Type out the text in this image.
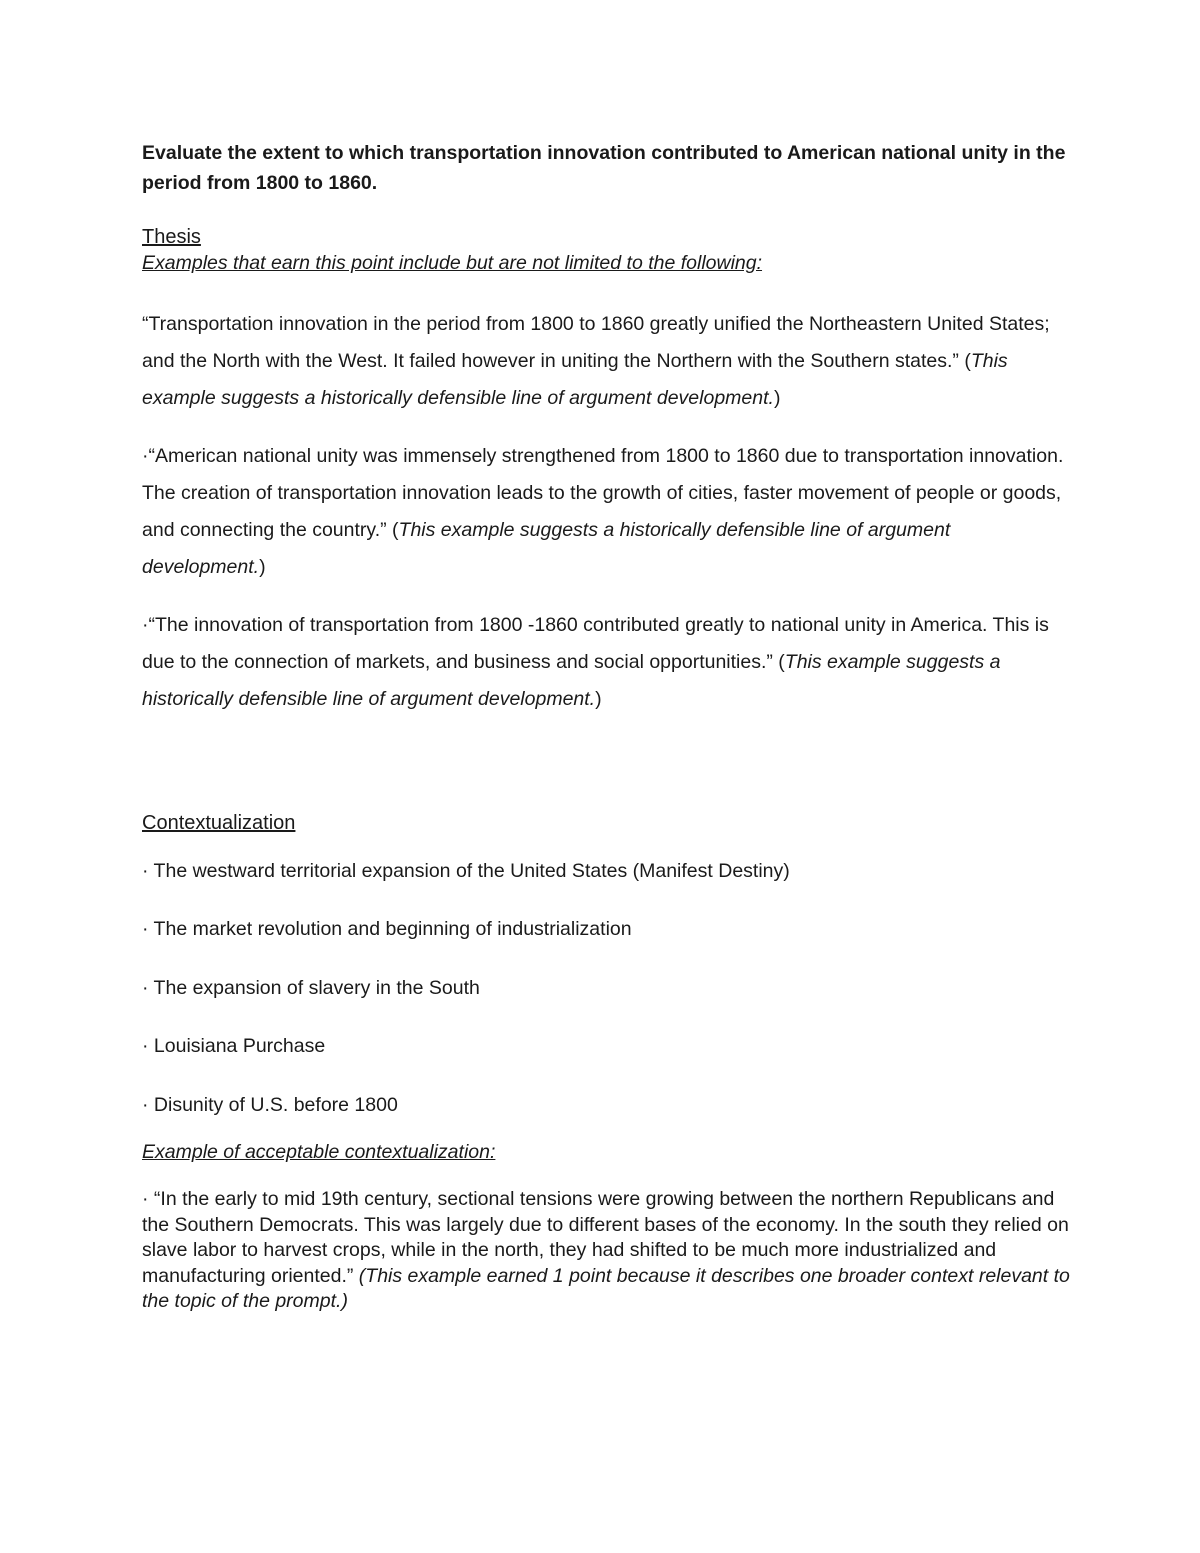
Evaluate the extent to which transportation innovation contributed to American national unity in the
period from 1800 to 1860.

Thesis

Examples that earn this point include but are not limited to the following:

“Transportation innovation in the period from 1800 to 1860 greatly unified the Northeastern United States; and the North with the West. It failed however in uniting the Northern with the Southern states.” (This example suggests a historically defensible line of argument development.)

·“American national unity was immensely strengthened from 1800 to 1860 due to transportation innovation. The creation of transportation innovation leads to the growth of cities, faster movement of people or goods, and connecting the country.” (This example suggests a historically defensible line of argument development.)

·“The innovation of transportation from 1800 -1860 contributed greatly to national unity in America. This is due to the connection of markets, and business and social opportunities.” (This example suggests a historically defensible line of argument development.)

Contextualization

· The westward territorial expansion of the United States (Manifest Destiny)

· The market revolution and beginning of industrialization

· The expansion of slavery in the South

· Louisiana Purchase

· Disunity of U.S. before 1800

Example of acceptable contextualization:

· “In the early to mid 19th century, sectional tensions were growing between the northern Republicans and the Southern Democrats. This was largely due to different bases of the economy. In the south they relied on slave labor to harvest crops, while in the north, they had shifted to be much more industrialized and manufacturing oriented.” (This example earned 1 point because it describes one broader context relevant to the topic of the prompt.)
